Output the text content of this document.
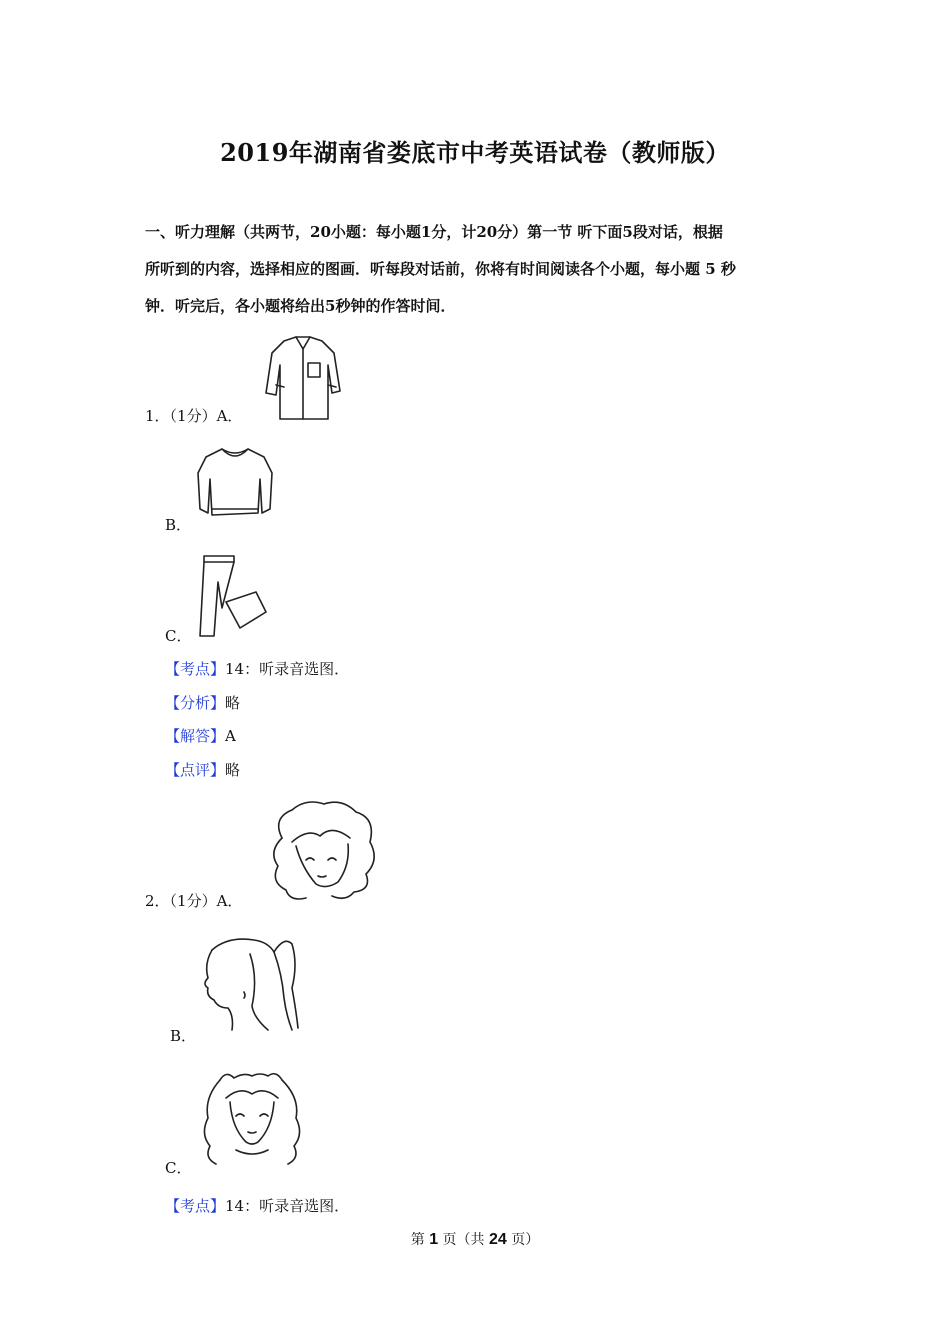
2019年湖南省娄底市中考英语试卷（教师版）
一、听力理解（共两节，20小题：每小题1分，计20分）第一节 听下面5段对话，根据
所听到的内容，选择相应的图画．听每段对话前，你将有时间阅读各个小题，每小题 5 秒
钟．听完后，各小题将给出5秒钟的作答时间．
1．（1分）A．
B．
C．
【考点】14：听录音选图．
【分析】略
【解答】A
【点评】略
2．（1分）A．
B．
C．
【考点】14：听录音选图．
第 1 页（共 24 页）
